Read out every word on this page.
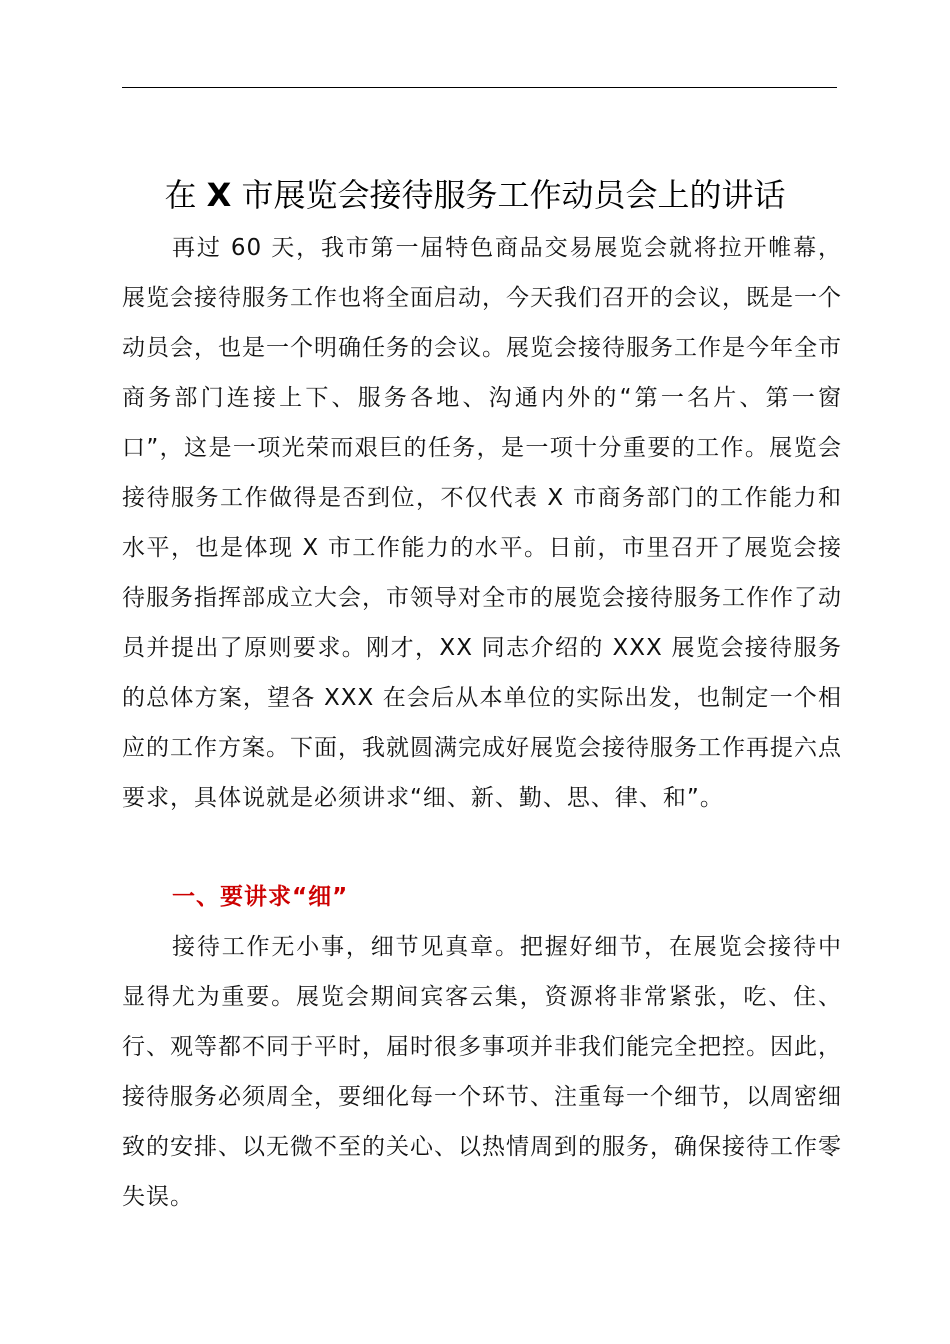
在 X 市展览会接待服务工作动员会上的讲话

再过 60 天，我市第一届特色商品交易展览会就将拉开帷幕，展览会接待服务工作也将全面启动，今天我们召开的会议，既是一个动员会，也是一个明确任务的会议。展览会接待服务工作是今年全市商务部门连接上下、服务各地、沟通内外的“第一名片、第一窗口”，这是一项光荣而艰巨的任务，是一项十分重要的工作。展览会接待服务工作做得是否到位，不仅代表 X 市商务部门的工作能力和水平，也是体现 X 市工作能力的水平。日前，市里召开了展览会接待服务指挥部成立大会，市领导对全市的展览会接待服务工作作了动员并提出了原则要求。刚才，XX 同志介绍的 XXX 展览会接待服务的总体方案，望各 XXX 在会后从本单位的实际出发，也制定一个相应的工作方案。下面，我就圆满完成好展览会接待服务工作再提六点要求，具体说就是必须讲求“细、新、勤、思、律、和”。

一、要讲求“细”

接待工作无小事，细节见真章。把握好细节，在展览会接待中显得尤为重要。展览会期间宾客云集，资源将非常紧张，吃、住、行、观等都不同于平时，届时很多事项并非我们能完全把控。因此，接待服务必须周全，要细化每一个环节、注重每一个细节，以周密细致的安排、以无微不至的关心、以热情周到的服务，确保接待工作零失误。
